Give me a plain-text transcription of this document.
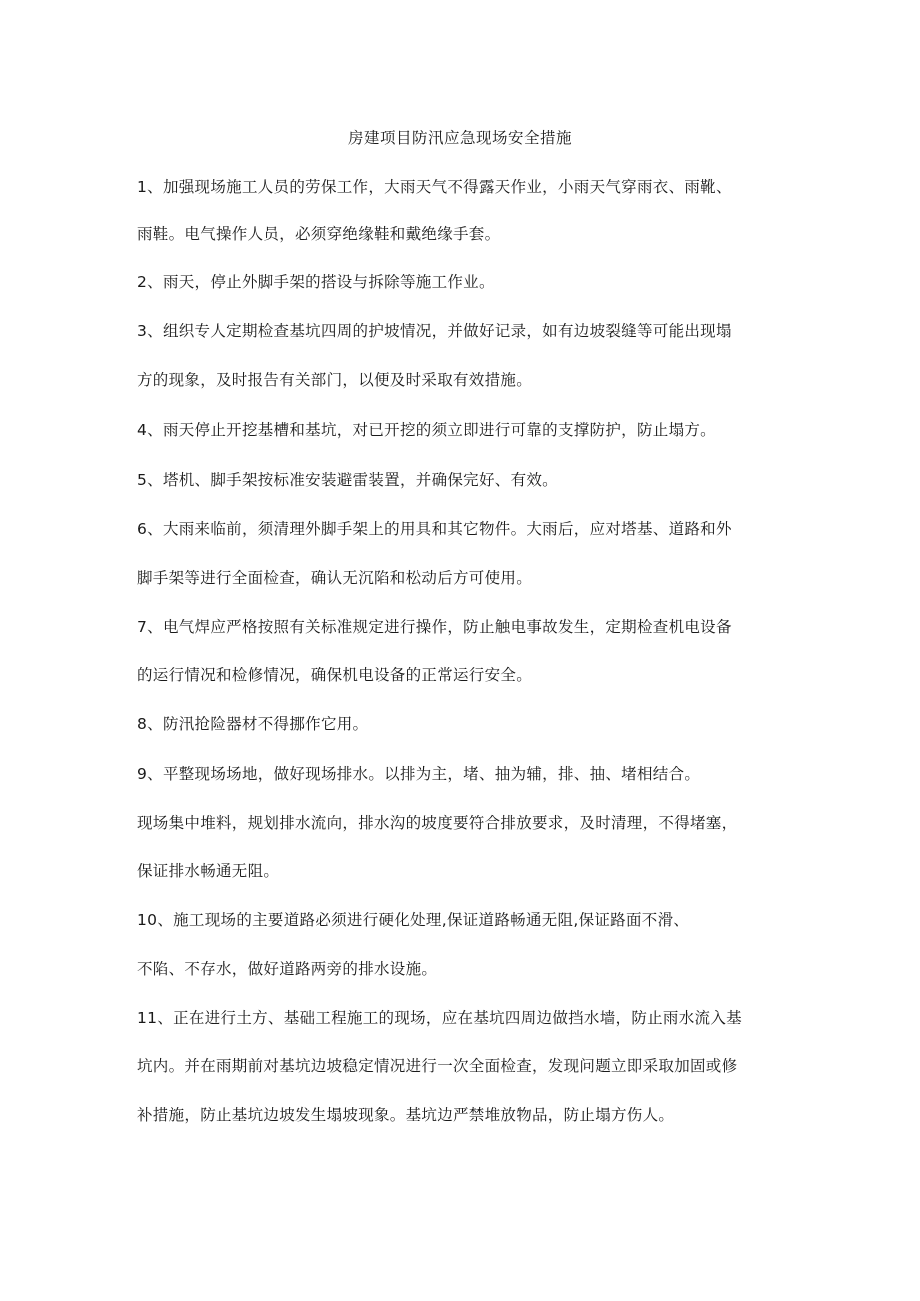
房建项目防汛应急现场安全措施
1、加强现场施工人员的劳保工作，大雨天气不得露天作业，小雨天气穿雨衣、雨靴、
雨鞋。电气操作人员，必须穿绝缘鞋和戴绝缘手套。
2、雨天，停止外脚手架的搭设与拆除等施工作业。
3、组织专人定期检查基坑四周的护坡情况，并做好记录，如有边坡裂缝等可能出现塌
方的现象，及时报告有关部门，以便及时采取有效措施。
4、雨天停止开挖基槽和基坑，对已开挖的须立即进行可靠的支撑防护，防止塌方。
5、塔机、脚手架按标准安装避雷装置，并确保完好、有效。
6、大雨来临前，须清理外脚手架上的用具和其它物件。大雨后，应对塔基、道路和外
脚手架等进行全面检查，确认无沉陷和松动后方可使用。
7、电气焊应严格按照有关标准规定进行操作，防止触电事故发生，定期检查机电设备
的运行情况和检修情况，确保机电设备的正常运行安全。
8、防汛抢险器材不得挪作它用。
9、平整现场场地，做好现场排水。以排为主，堵、抽为辅，排、抽、堵相结合。
现场集中堆料，规划排水流向，排水沟的坡度要符合排放要求，及时清理，不得堵塞，
保证排水畅通无阻。
10、施工现场的主要道路必须进行硬化处理,保证道路畅通无阻,保证路面不滑、
不陷、不存水，做好道路两旁的排水设施。
11、正在进行土方、基础工程施工的现场，应在基坑四周边做挡水墙，防止雨水流入基
坑内。并在雨期前对基坑边坡稳定情况进行一次全面检查，发现问题立即采取加固或修
补措施，防止基坑边坡发生塌坡现象。基坑边严禁堆放物品，防止塌方伤人。
